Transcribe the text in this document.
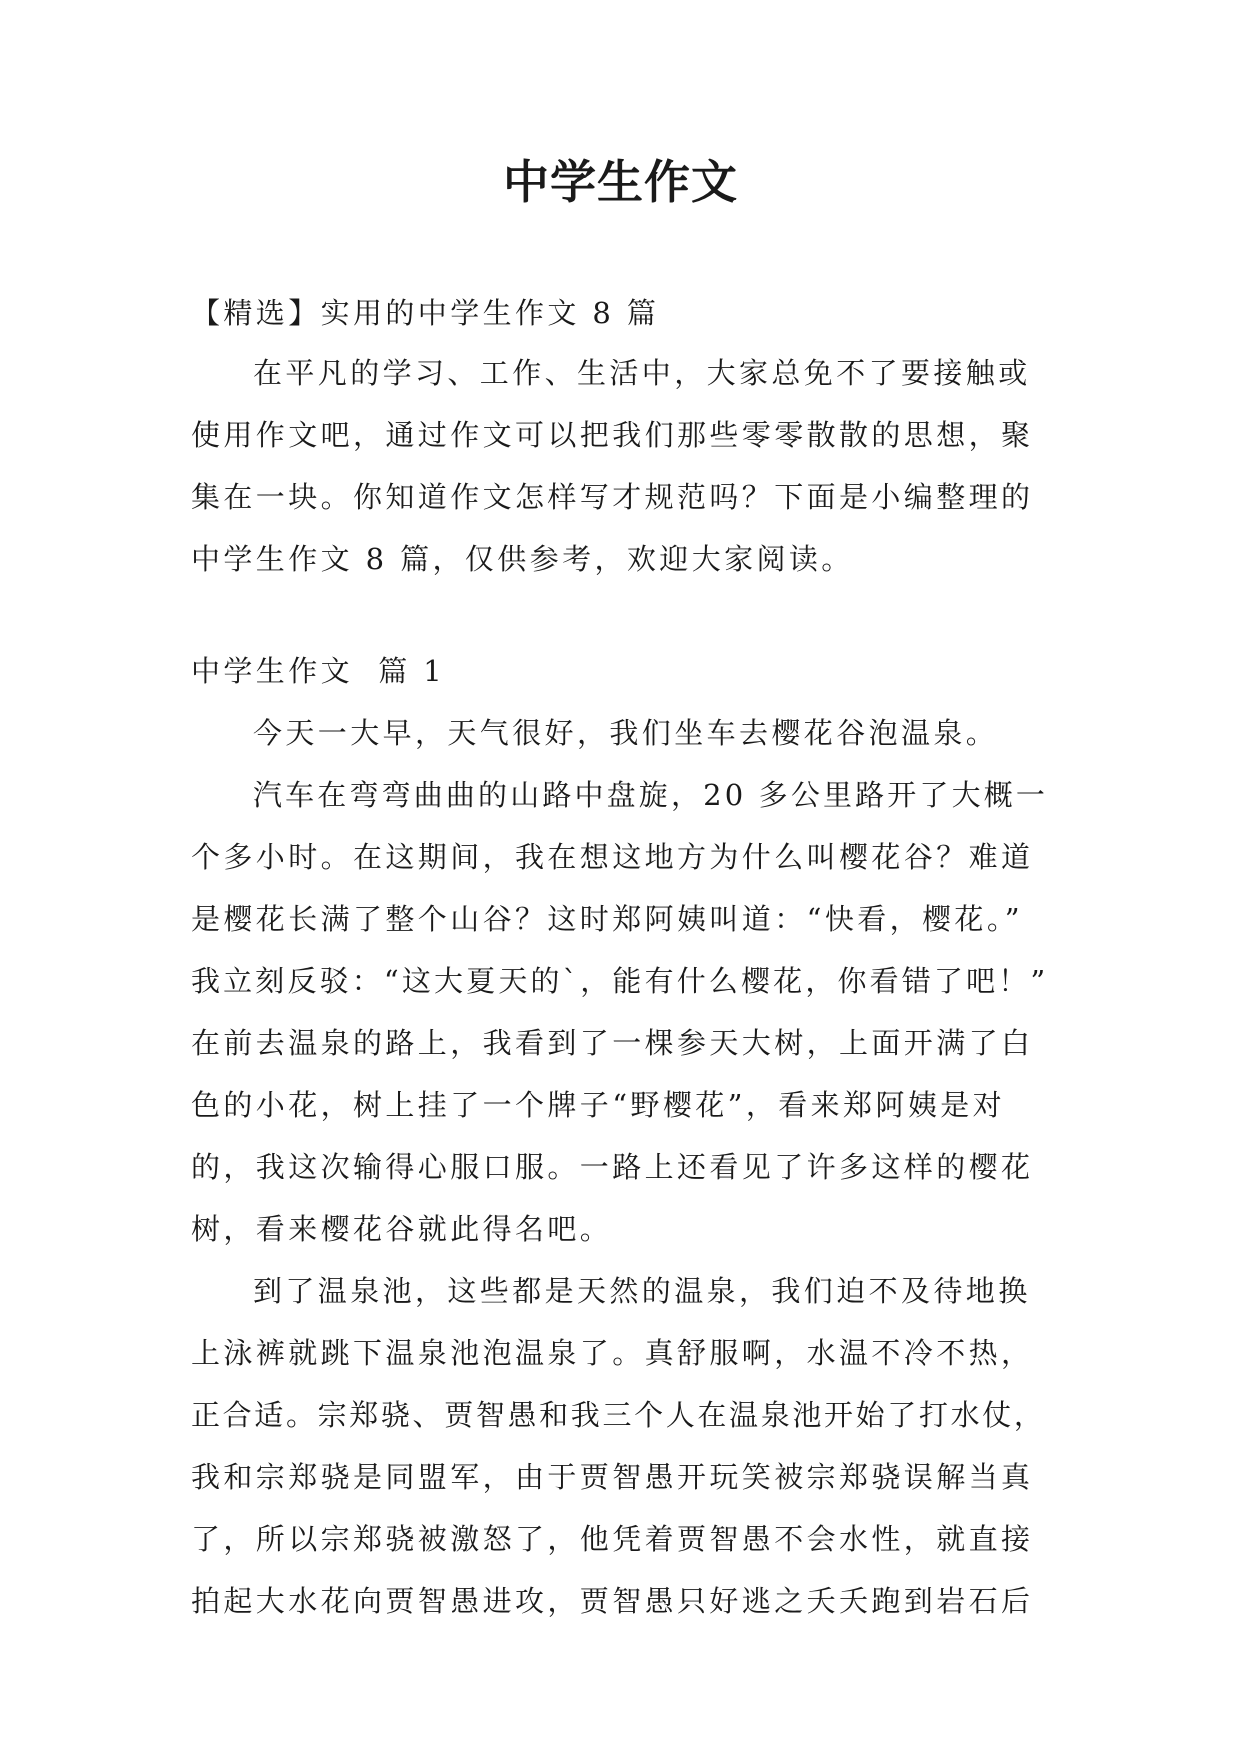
中学生作文

【精选】实用的中学生作文 8 篇

在平凡的学习、工作、生活中，大家总免不了要接触或
使用作文吧，通过作文可以把我们那些零零散散的思想，聚
集在一块。你知道作文怎样写才规范吗？下面是小编整理的
中学生作文 8 篇，仅供参考，欢迎大家阅读。
中学生作文  篇 1
今天一大早，天气很好，我们坐车去樱花谷泡温泉。
汽车在弯弯曲曲的山路中盘旋，20 多公里路开了大概一
个多小时。在这期间，我在想这地方为什么叫樱花谷？难道
是樱花长满了整个山谷？这时郑阿姨叫道：“快看，樱花。”
我立刻反驳：“这大夏天的`，能有什么樱花，你看错了吧！”
在前去温泉的路上，我看到了一棵参天大树，上面开满了白
色的小花，树上挂了一个牌子“野樱花”，看来郑阿姨是对
的，我这次输得心服口服。一路上还看见了许多这样的樱花
树，看来樱花谷就此得名吧。
到了温泉池，这些都是天然的温泉，我们迫不及待地换
上泳裤就跳下温泉池泡温泉了。真舒服啊，水温不冷不热，
正合适。宗郑骁、贾智愚和我三个人在温泉池开始了打水仗，
我和宗郑骁是同盟军，由于贾智愚开玩笑被宗郑骁误解当真
了，所以宗郑骁被激怒了，他凭着贾智愚不会水性，就直接
拍起大水花向贾智愚进攻，贾智愚只好逃之夭夭跑到岩石后
